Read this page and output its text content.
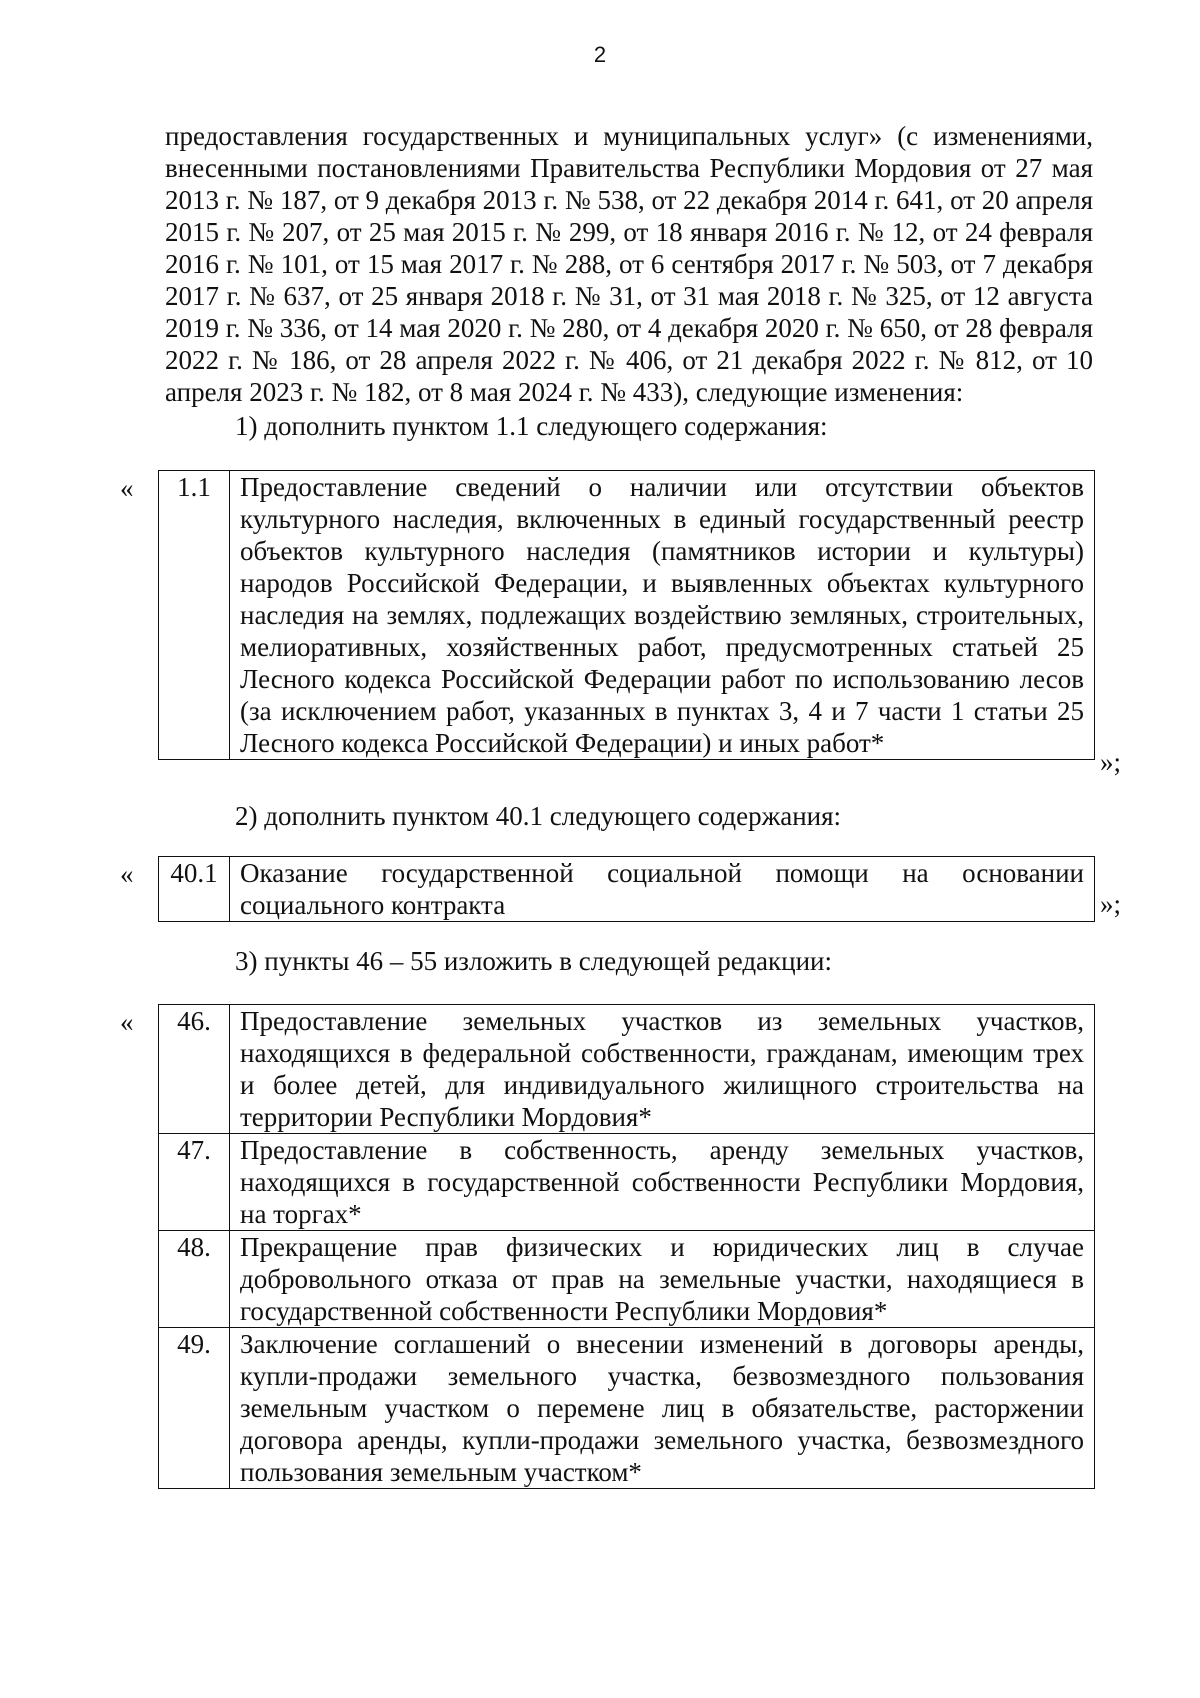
2

предоставления государственных и муниципальных услуг» (с изменениями, внесенными постановлениями Правительства Республики Мордовия от 27 мая 2013 г. № 187, от 9 декабря 2013 г. № 538, от 22 декабря 2014 г. 641, от 20 апреля 2015 г. № 207, от 25 мая 2015 г. № 299, от 18 января 2016 г. № 12, от 24 февраля 2016 г. № 101, от 15 мая 2017 г. № 288, от 6 сентября 2017 г. № 503, от 7 декабря 2017 г. № 637, от 25 января 2018 г. № 31, от 31 мая 2018 г. № 325, от 12 августа 2019 г. № 336, от 14 мая 2020 г. № 280, от 4 декабря 2020 г. № 650, от 28 февраля 2022 г. № 186, от 28 апреля 2022 г. № 406, от 21 декабря 2022 г. № 812, от 10 апреля 2023 г. № 182, от 8 мая 2024 г. № 433), следующие изменения:

1) дополнить пунктом 1.1 следующего содержания:

« 1.1	Предоставление сведений о наличии или отсутствии объектов культурного наследия, включенных в единый государственный реестр объектов культурного наследия (памятников истории и культуры) народов Российской Федерации, и выявленных объектах культурного наследия на землях, подлежащих воздействию земляных, строительных, мелиоративных, хозяйственных работ, предусмотренных статьей 25 Лесного кодекса Российской Федерации работ по использованию лесов (за исключением работ, указанных в пунктах 3, 4 и 7 части 1 статьи 25 Лесного кодекса Российской Федерации) и иных работ*
»;

2) дополнить пунктом 40.1 следующего содержания:

« 40.1	Оказание государственной социальной помощи на основании социального контракта	»;

3) пункты 46 – 55 изложить в следующей редакции:

« 46.	Предоставление земельных участков из земельных участков, находящихся в федеральной собственности, гражданам, имеющим трех и более детей, для индивидуального жилищного строительства на территории Республики Мордовия*
47.	Предоставление в собственность, аренду земельных участков, находящихся в государственной собственности Республики Мордовия, на торгах*
48.	Прекращение прав физических и юридических лиц в случае добровольного отказа от прав на земельные участки, находящиеся в государственной собственности Республики Мордовия*
49.	Заключение соглашений о внесении изменений в договоры аренды, купли-продажи земельного участка, безвозмездного пользования земельным участком о перемене лиц в обязательстве, расторжении договора аренды, купли-продажи земельного участка, безвозмездного пользования земельным участком*
